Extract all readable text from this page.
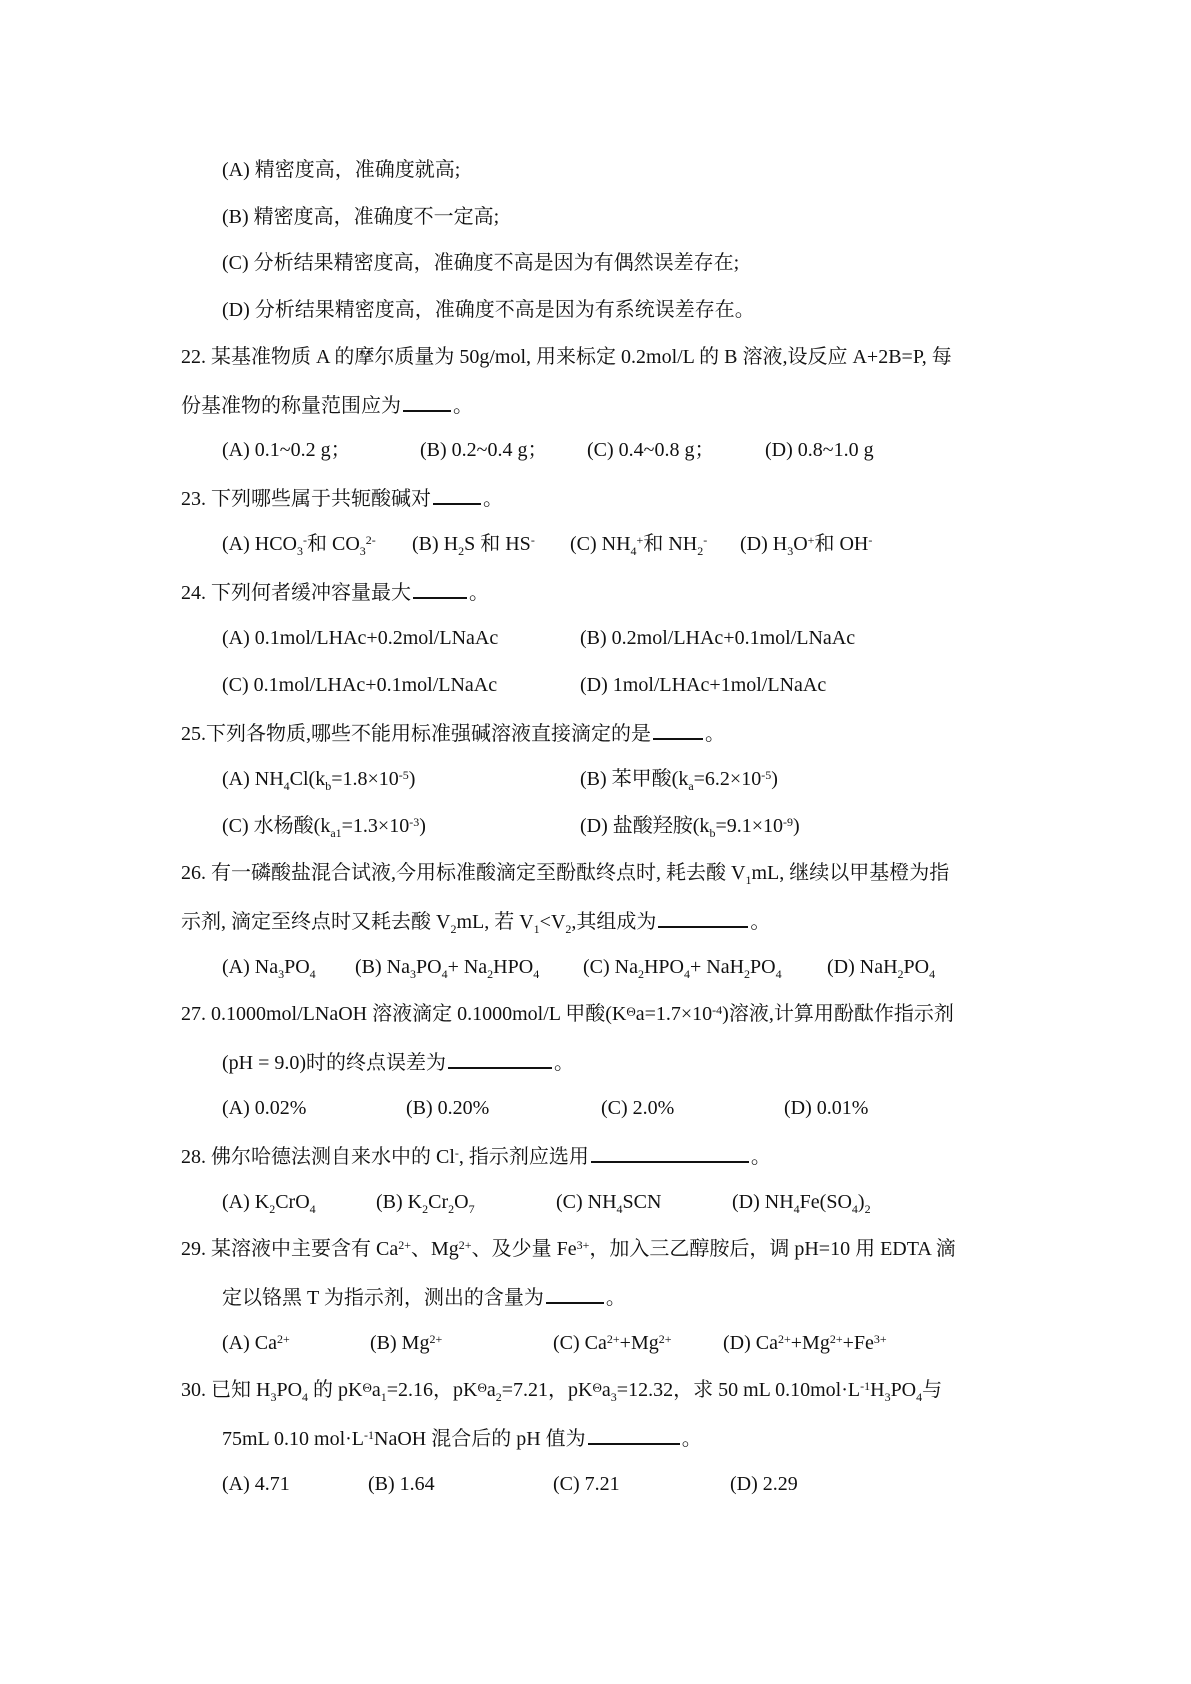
(A) 精密度高，准确度就高;
(B) 精密度高，准确度不一定高;
(C) 分析结果精密度高，准确度不高是因为有偶然误差存在;
(D) 分析结果精密度高，准确度不高是因为有系统误差存在。
22. 某基准物质 A 的摩尔质量为 50g/mol, 用来标定 0.2mol/L 的 B 溶液,设反应 A+2B=P, 每
份基准物的称量范围应为	。
(A) 0.1~0.2 g；	(B) 0.2~0.4 g； (C) 0.4~0.8 g；	(D) 0.8~1.0 g
23. 下列哪些属于共轭酸碱对	。
(A) $HCO_3^-$和 $CO_3^{2-}$ (B) $H_2S$ 和 HS- (C) $NH_4^+$和 $NH_2^-$ (D) $H_3O^+$和 OH-
24. 下列何者缓冲容量最大	。
(A) 0.1mol/LHAc+0.2mol/LNaAc	(B) 0.2mol/LHAc+0.1mol/LNaAc
(C) 0.1mol/LHAc+0.1mol/LNaAc	(D) 1mol/LHAc+1mol/LNaAc
25.下列各物质,哪些不能用标准强碱溶液直接滴定的是	。
(A) $NH_4Cl(k_b=1.8\times 10^{-5})$	(B) 苯甲酸$(k_a=6.2\times 10^{-5})$
(C) 水杨酸$(k_{a1}=1.3\times 10^{-3})$	(D) 盐酸羟胺$(k_b=9.1\times 10^{-9})$
26. 有一磷酸盐混合试液,今用标准酸滴定至酚酞终点时, 耗去酸 $V_1mL$, 继续以甲基橙为指
示剂, 滴定至终点时又耗去酸 $V_2mL$, 若 $V_1<V_2$,其组成为	。
(A) $Na_3PO_4$ (B) $Na_3PO_4+ Na_2HPO_4$ (C) $Na_2HPO_4+ NaH_2PO_4$ (D) $NaH_2PO_4$
27. 0.1000mol/LNaOH 溶液滴定 0.1000mol/L 甲酸$(K^\Theta a=1.7\times 10^{-4})$溶液,计算用酚酞作指示剂
(pH = 9.0)时的终点误差为	。
(A) 0.02%	(B) 0.20%	(C) 2.0%	(D) 0.01%
28. 佛尔哈德法测自来水中的 Cl-, 指示剂应选用	。
(A) $K_2CrO_4$	(B) $K_2Cr_2O_7$	(C) $NH_4SCN$	(D) $NH_4Fe(SO_4)_2$
29. 某溶液中主要含有 $Ca^{2+}$、$Mg^{2+}$、及少量 $Fe^{3+}$，加入三乙醇胺后，调 pH=10 用 EDTA 滴
定以铬黑 T 为指示剂，测出的含量为	。
(A) $Ca^{2+}$	(B) $Mg^{2+}$	(C) $Ca^{2+}+Mg^{2+}$	(D) $Ca^{2+}+Mg^{2+}+Fe^{3+}$
30. 已知 $H_3PO_4$ 的 $pK^\Theta a_1=2.16$，$pK^\Theta a_2=7.21$，$pK^\Theta a_3=12.32$，求 50 mL $0.10mol\cdot L^{-1}H_3PO_4$与
75mL 0.10 $mol\cdot L^{-1}NaOH$ 混合后的 pH 值为	。
(A) 4.71	(B) 1.64	(C) 7.21	(D) 2.29
